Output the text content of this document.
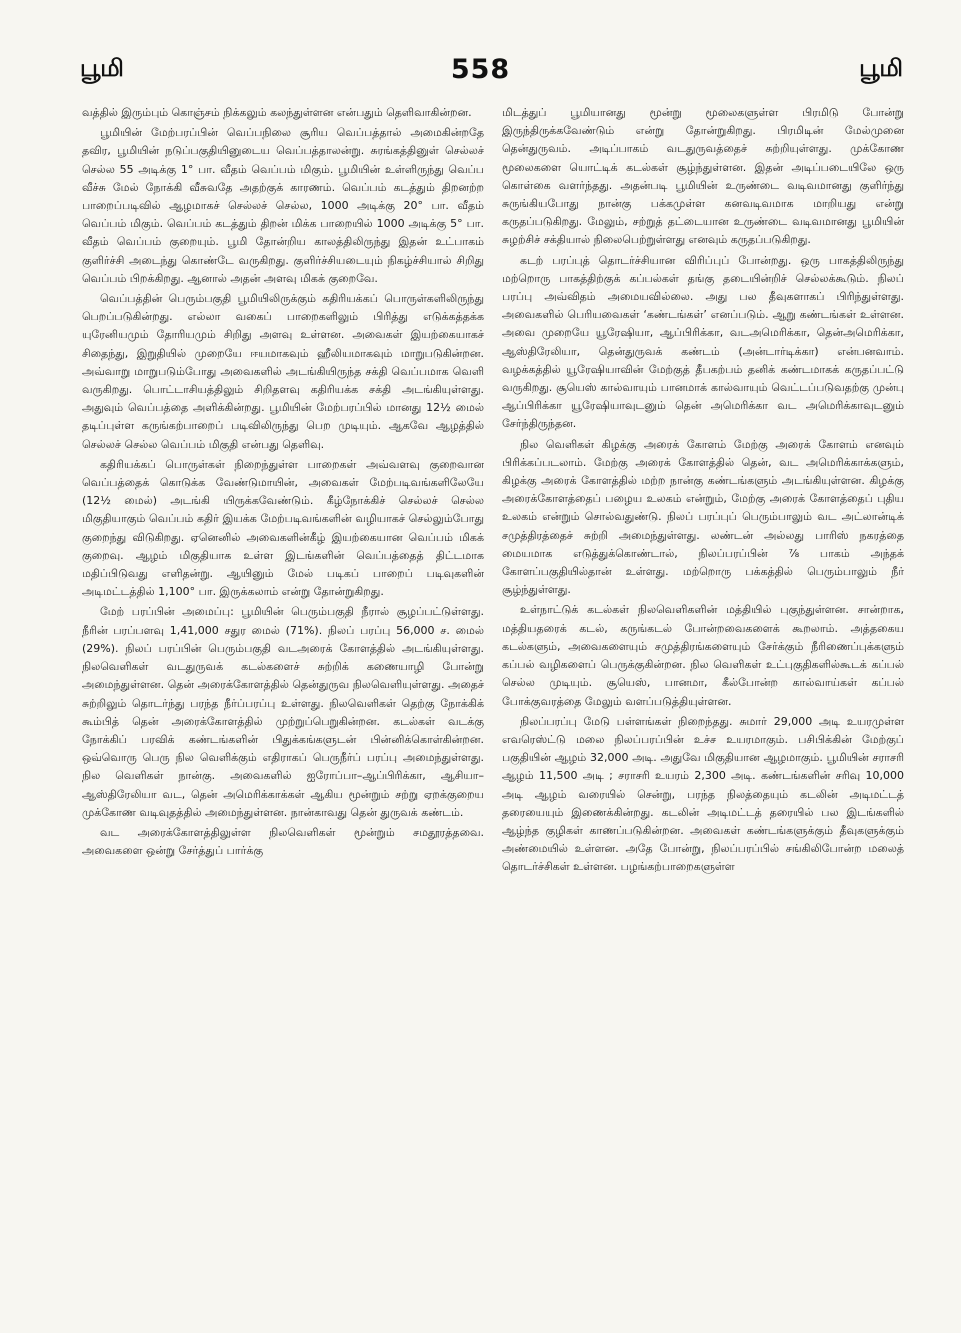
பூமி	558	பூமி

வத்தில் இரும்பும் கொஞ்சம் நிக்கலும் கலந்துள்ளன என்பதும் தெளிவாகின்றன.

பூமியின் மேற்பரப்பின் வெப்பநிலை சூரிய வெப்பத்தால் அமைகின்றதே தவிர, பூமியின் நடுப்பகுதியினுடைய வெப்பத்தாலன்று. சுரங்கத்தினுள் செல்லச் செல்ல 55 அடிக்கு 1° பா. வீதம் வெப்பம் மிகும். பூமியின் உள்ளிருந்து வெப்ப வீச்சு மேல் நோக்கி வீசுவதே அதற்குக் காரணம். வெப்பம் கடத்தும் திறனற்ற பாறைப்படிவில் ஆழமாகச் செல்லச் செல்ல, 1000 அடிக்கு 20° பா. வீதம் வெப்பம் மிகும். வெப்பம் கடத்தும் திறன் மிக்க பாறையில் 1000 அடிக்கு 5° பா. வீதம் வெப்பம் குறையும். பூமி தோன்றிய காலத்திலிருந்து இதன் உட்பாகம் குளிர்ச்சி அடைந்து கொண்டே வருகிறது. குளிர்ச்சியடையும் நிகழ்ச்சியால் சிறிது வெப்பம் பிறக்கிறது. ஆனால் அதன் அளவு மிகக் குறைவே.

வெப்பத்தின் பெரும்பகுதி பூமியிலிருக்கும் கதிரியக்கப் பொருள்களிலிருந்து பெறப்படுகின்றது. எல்லா வகைப் பாறைகளிலும் பிரித்து எடுக்கத்தக்க யுரேனியமும் தோரியமும் சிறிது அளவு உள்ளன. அவைகள் இயற்கையாகச் சிதைந்து, இறுதியில் முறையே ஈயமாகவும் ஹீலியமாகவும் மாறுபடுகின்றன. அவ்வாறு மாறுபடும்போது அவைகளில் அடங்கியிருந்த சக்தி வெப்பமாக வெளி வருகிறது. பொட்டாசியத்திலும் சிறிதளவு கதிரியக்க சக்தி அடங்கியுள்ளது. அதுவும் வெப்பத்தை அளிக்கின்றது. பூமியின் மேற்பரப்பில் மானது 12½ மைல் தடிப்புள்ள கருங்கற்பாறைப் படிவிலிருந்து பெற முடியும். ஆகவே ஆழத்தில் செல்லச் செல்ல வெப்பம் மிகுதி என்பது தெளிவு.

கதிரியக்கப் பொருள்கள் நிறைந்துள்ள பாறைகள் அவ்வளவு குறைவான வெப்பத்தைக் கொடுக்க வேண்டுமாயின், அவைகள் மேற்படிவங்களிலேயே (12½ மைல்) அடங்கி யிருக்கவேண்டும். கீழ்நோக்கிச் செல்லச் செல்ல மிகுதியாகும் வெப்பம் கதிர் இயக்க மேற்படிவங்களின் வழியாகச் செல்லும்போது குறைந்து விடுகிறது. ஏனெனில் அவைகளின்கீழ் இயற்கையான வெப்பம் மிகக் குறைவு. ஆழம் மிகுதியாக உள்ள இடங்களின் வெப்பத்தைத் திட்டமாக மதிப்பிடுவது எளிதன்று. ஆயினும் மேல் படிகப் பாறைப் படிவுகளின் அடிமட்டத்தில் 1,100° பா. இருக்கலாம் என்று தோன்றுகிறது.

மேற் பரப்பின் அமைப்பு: பூமியின் பெரும்பகுதி நீரால் சூழப்பட்டுள்ளது. நீரின் பரப்பளவு 1,41,000 சதுர மைல் (71%). நிலப் பரப்பு 56,000 ச. மைல் (29%). நிலப் பரப்பின் பெரும்பகுதி வடஅரைக் கோளத்தில் அடங்கியுள்ளது. நிலவெளிகள் வடதுருவக் கடல்களைச் சுற்றிக் கணையாழி போன்று அமைந்துள்ளன. தென் அரைக்கோளத்தில் தென்துருவ நிலவெளியுள்ளது. அதைச் சுற்றிலும் தொடர்ந்து பரந்த நீர்ப்பரப்பு உள்ளது. நிலவெளிகள் தெற்கு நோக்கிக் கூம்பித் தென் அரைக்கோளத்தில் முற்றுப்பெறுகின்றன. கடல்கள் வடக்கு நோக்கிப் பரவிக் கண்டங்களின் பிதுக்கங்களுடன் பின்னிக்கொள்கின்றன. ஒவ்வொரு பெரு நில வெளிக்கும் எதிராகப் பெருநீர்ப் பரப்பு அமைந்துள்ளது. நில வெளிகள் நான்கு. அவைகளில் ஐரோப்பா–ஆப்பிரிக்கா, ஆசியா–ஆஸ்திரேலியா வட, தென் அமெரிக்காக்கள் ஆகிய மூன்றும் சற்று ஏறக்குறைய முக்கோண வடிவுதத்தில் அமைந்துள்ளன. நான்காவது தென் துருவக் கண்டம்.

வட அரைக்கோளத்திலுள்ள நிலவெளிகள் மூன்றும் சமதூரத்தவை. அவைகளை ஒன்று சேர்த்துப் பார்க்கு

மிடத்துப் பூமியானது மூன்று மூலைகளுள்ள பிரமிடு போன்று இருந்திருக்கவேண்டும் என்று தோன்றுகிறது. பிரமிடின் மேல்முனை தென்துருவம். அடிப்பாகம் வடதுருவத்தைச் சுற்றியுள்ளது. முக்கோண மூலைகளை யொட்டிக் கடல்கள் சூழ்ந்துள்ளன. இதன் அடிப்படையிலே ஒரு கொள்கை வளர்ந்தது. அதன்படி பூமியின் உருண்டை வடிவமானது குளிர்ந்து சுருங்கியபோது நான்கு பக்கமுள்ள கனவடிவமாக மாறியது என்று கருதப்படுகிறது. மேலும், சற்றுத் தட்டையான உருண்டை வடிவமானது பூமியின் சுழற்சிச் சக்தியால் நிலைபெற்றுள்ளது எனவும் கருதப்படுகிறது.

கடற் பரப்புத் தொடர்ச்சியான விரிப்புப் போன்றது. ஒரு பாகத்திலிருந்து மற்றொரு பாகத்திற்குக் கப்பல்கள் தங்கு தடையின்றிச் செல்லக்கூடும். நிலப் பரப்பு அவ்விதம் அமையவில்லை. அது பல தீவுகளாகப் பிரிந்துள்ளது. அவைகளில் பெரியவைகள் ‘கண்டங்கள்’ எனப்படும். ஆறு கண்டங்கள் உள்ளன. அவை முறையே யூரேஷியா, ஆப்பிரிக்கா, வடஅமெரிக்கா, தென்அமெரிக்கா, ஆஸ்திரேலியா, தென்துருவக் கண்டம் (அன்டார்டிக்கா) என்பனவாம். வழக்கத்தில் யூரேஷியாவின் மேற்குத் தீபகற்பம் தனிக் கண்டமாகக் கருதப்பட்டு வருகிறது. சூயெஸ் கால்வாயும் பானமாக் கால்வாயும் வெட்டப்படுவதற்கு முன்பு ஆப்பிரிக்கா யூரேஷியாவுடனும் தென் அமெரிக்கா வட அமெரிக்காவுடனும் சேர்ந்திருந்தன.

நில வெளிகள் கிழக்கு அரைக் கோளம் மேற்கு அரைக் கோளம் எனவும் பிரிக்கப்படலாம். மேற்கு அரைக் கோளத்தில் தென், வட அமெரிக்காக்களும், கிழக்கு அரைக் கோளத்தில் மற்ற நான்கு கண்டங்களும் அடங்கியுள்ளன. கிழக்கு அரைக்கோளத்தைப் பழைய உலகம் என்றும், மேற்கு அரைக் கோளத்தைப் புதிய உலகம் என்றும் சொல்வதுண்டு. நிலப் பரப்புப் பெரும்பாலும் வட அட்லான்டிக் சமுத்திரத்தைச் சுற்றி அமைந்துள்ளது. லண்டன் அல்லது பாரிஸ் நகரத்தை மையமாக எடுத்துக்கொண்டால், நிலப்பரப்பின் ⅞ பாகம் அந்தக் கோளப்பகுதியில்தான் உள்ளது. மற்றொரு பக்கத்தில் பெரும்பாலும் நீர் சூழ்ந்துள்ளது.

உள்நாட்டுக் கடல்கள் நிலவெளிகளின் மத்தியில் புகுந்துள்ளன. சான்றாக, மத்தியதரைக் கடல், கருங்கடல் போன்றவைகளைக் கூறலாம். அத்தகைய கடல்களும், அவைகளையும் சமுத்திரங்களையும் சேர்க்கும் நீரிணைப்புக்களும் கப்பல் வழிகளைப் பெருக்குகின்றன. நில வெளிகள் உட்புகுதிகளில்கூடக் கப்பல் செல்ல முடியும். சூயெஸ், பானமா, கீல்போன்ற கால்வாய்கள் கப்பல் போக்குவரத்தை மேலும் வளப்படுத்தியுள்ளன.

நிலப்பரப்பு மேடு பள்ளங்கள் நிறைந்தது. சுமார் 29,000 அடி உயரமுள்ள எவரெஸ்ட்டு மலை நிலப்பரப்பின் உச்ச உயரமாகும். பசிபிக்கின் மேற்குப் பகுதியின் ஆழம் 32,000 அடி. அதுவே மிகுதியான ஆழமாகும். பூமியின் சராசரி ஆழம் 11,500 அடி ; சராசரி உயரம் 2,300 அடி. கண்டங்களின் சரிவு 10,000 அடி ஆழம் வரையில் சென்று, பரந்த நிலத்தையும் கடலின் அடிமட்டத் தரையையும் இணைக்கின்றது. கடலின் அடிமட்டத் தரையில் பல இடங்களில் ஆழ்ந்த குழிகள் காணப்படுகின்றன. அவைகள் கண்டங்களுக்கும் தீவுகளுக்கும் அண்மையில் உள்ளன. அதே போன்று, நிலப்பரப்பில் சங்கிலிபோன்ற மலைத் தொடர்ச்சிகள் உள்ளன. பழங்கற்பாறைகளுள்ள
